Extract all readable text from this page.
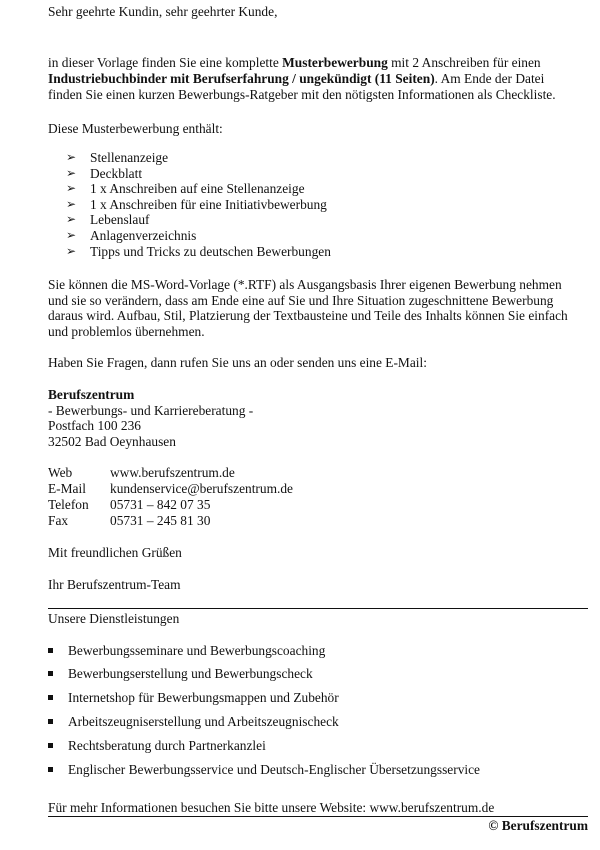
Sehr geehrte Kundin, sehr geehrter Kunde,
in dieser Vorlage finden Sie eine komplette Musterbewerbung mit 2 Anschreiben für einen
Industriebuchbinder mit Berufserfahrung / ungekündigt (11 Seiten). Am Ende der Datei
finden Sie einen kurzen Bewerbungs-Ratgeber mit den nötigsten Informationen als Checkliste.
Diese Musterbewerbung enthält:
➢	Stellenanzeige
➢	Deckblatt
➢	1 x Anschreiben auf eine Stellenanzeige
➢	1 x Anschreiben für eine Initiativbewerbung
➢	Lebenslauf
➢	Anlagenverzeichnis
➢	Tipps und Tricks zu deutschen Bewerbungen
Sie können die MS-Word-Vorlage (*.RTF) als Ausgangsbasis Ihrer eigenen Bewerbung nehmen
und sie so verändern, dass am Ende eine auf Sie und Ihre Situation zugeschnittene Bewerbung
daraus wird. Aufbau, Stil, Platzierung der Textbausteine und Teile des Inhalts können Sie einfach
und problemlos übernehmen.
Haben Sie Fragen, dann rufen Sie uns an oder senden uns eine E-Mail:
Berufszentrum
- Bewerbungs- und Karriereberatung -
Postfach 100 236
32502 Bad Oeynhausen
Web	www.berufszentrum.de
E-Mail	kundenservice@berufszentrum.de
Telefon	05731 – 842 07 35
Fax	05731 – 245 81 30
Mit freundlichen Grüßen
Ihr Berufszentrum-Team
Unsere Dienstleistungen
Bewerbungsseminare und Bewerbungscoaching
Bewerbungserstellung und Bewerbungscheck
Internetshop für Bewerbungsmappen und Zubehör
Arbeitszeugniserstellung und Arbeitszeugnischeck
Rechtsberatung durch Partnerkanzlei
Englischer Bewerbungsservice und Deutsch-Englischer Übersetzungsservice
Für mehr Informationen besuchen Sie bitte unsere Website: www.berufszentrum.de
© Berufszentrum
